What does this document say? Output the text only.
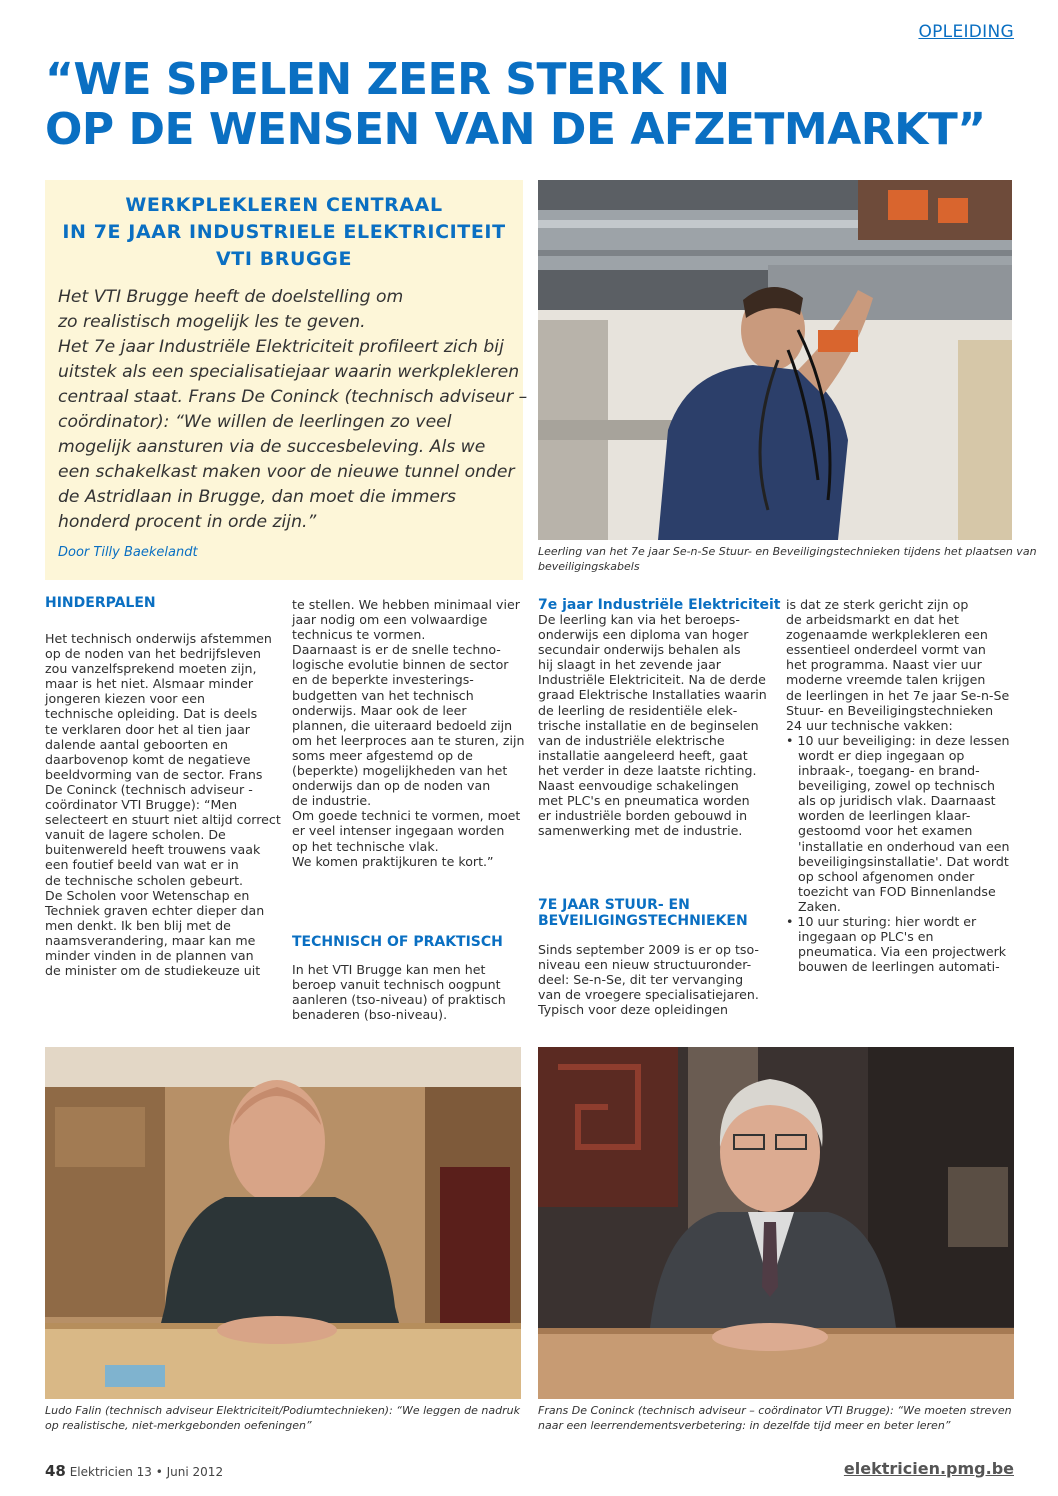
OPLEIDING
“WE SPELEN ZEER STERK IN
OP DE WENSEN VAN DE AFZETMARKT”
WERKPLEKLEREN CENTRAAL
IN 7E JAAR INDUSTRIELE ELEKTRICITEIT
VTI BRUGGE
Het VTI Brugge heeft de doelstelling om
zo realistisch mogelijk les te geven.
Het 7e jaar Industriële Elektriciteit profileert zich bij
uitstek als een specialisatiejaar waarin werkplekleren
centraal staat. Frans De Coninck (technisch adviseur –
coördinator): “We willen de leerlingen zo veel
mogelijk aansturen via de succesbeleving. Als we
een schakelkast maken voor de nieuwe tunnel onder
de Astridlaan in Brugge, dan moet die immers
honderd procent in orde zijn.”
Door Tilly Baekelandt	Leerling van het 7e jaar Se-n-Se Stuur- en Beveiligingstechnieken tijdens het plaatsen van
beveiligingskabels
HINDERPALEN
Het technisch onderwijs afstemmen
op de noden van het bedrijfsleven
zou vanzelfsprekend moeten zijn,
maar is het niet. Alsmaar minder
jongeren kiezen voor een
technische opleiding. Dat is deels
te verklaren door het al tien jaar
dalende aantal geboorten en
daarbovenop komt de negatieve
beeldvorming van de sector. Frans
De Coninck (technisch adviseur -
coördinator VTI Brugge): “Men
selecteert en stuurt niet altijd correct
vanuit de lagere scholen. De
buitenwereld heeft trouwens vaak
een foutief beeld van wat er in
de technische scholen gebeurt.
De Scholen voor Wetenschap en
Techniek graven echter dieper dan
men denkt. Ik ben blij met de
naamsverandering, maar kan me
minder vinden in de plannen van
de minister om de studiekeuze uit
te stellen. We hebben minimaal vier
jaar nodig om een volwaardige
technicus te vormen.
Daarnaast is er de snelle techno-
logische evolutie binnen de sector
en de beperkte investerings-
budgetten van het technisch
onderwijs. Maar ook de leer
plannen, die uiteraard bedoeld zijn
om het leerproces aan te sturen, zijn
soms meer afgestemd op de
(beperkte) mogelijkheden van het
onderwijs dan op de noden van
de industrie.
Om goede technici te vormen, moet
er veel intenser ingegaan worden
op het technische vlak.
We komen praktijkuren te kort.”
TECHNISCH OF PRAKTISCH
In het VTI Brugge kan men het
beroep vanuit technisch oogpunt
aanleren (tso-niveau) of praktisch
benaderen (bso-niveau).
7e jaar Industriële Elektriciteit
De leerling kan via het beroeps-
onderwijs een diploma van hoger
secundair onderwijs behalen als
hij slaagt in het zevende jaar
Industriële Elektriciteit. Na de derde
graad Elektrische Installaties waarin
de leerling de residentiële elek-
trische installatie en de beginselen
van de industriële elektrische
installatie aangeleerd heeft, gaat
het verder in deze laatste richting.
Naast eenvoudige schakelingen
met PLC's en pneumatica worden
er industriële borden gebouwd in
samenwerking met de industrie.
7E JAAR STUUR- EN
BEVEILIGINGSTECHNIEKEN
Sinds september 2009 is er op tso-
niveau een nieuw structuuronder-
deel: Se-n-Se, dit ter vervanging
van de vroegere specialisatiejaren.
Typisch voor deze opleidingen
is dat ze sterk gericht zijn op
de arbeidsmarkt en dat het
zogenaamde werkplekleren een
essentieel onderdeel vormt van
het programma. Naast vier uur
moderne vreemde talen krijgen
de leerlingen in het 7e jaar Se-n-Se
Stuur- en Beveiligingstechnieken
24 uur technische vakken:
• 10 uur beveiliging: in deze lessen
wordt er diep ingegaan op
inbraak-, toegang- en brand-
beveiliging, zowel op technisch
als op juridisch vlak. Daarnaast
worden de leerlingen klaar-
gestoomd voor het examen
'installatie en onderhoud van een
beveiligingsinstallatie'. Dat wordt
op school afgenomen onder
toezicht van FOD Binnenlandse
Zaken.
• 10 uur sturing: hier wordt er
ingegaan op PLC's en
pneumatica. Via een projectwerk
bouwen de leerlingen automati-
Ludo Falin (technisch adviseur Elektriciteit/Podiumtechnieken): “We leggen de nadruk
op realistische, niet-merkgebonden oefeningen”
Frans De Coninck (technisch adviseur – coördinator VTI Brugge): “We moeten streven
naar een leerrendementsverbetering: in dezelfde tijd meer en beter leren”
48 Elektricien 13 • Juni 2012	elektricien.pmg.be
